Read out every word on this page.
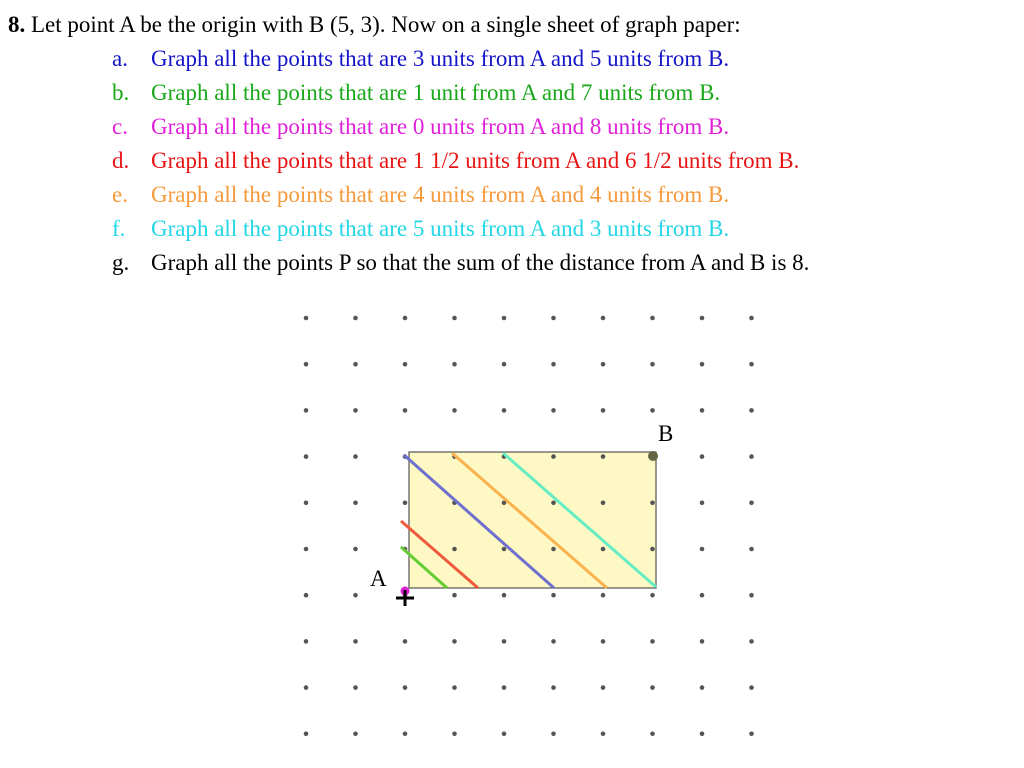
8. Let point A be the origin with B (5, 3). Now on a single sheet of graph paper:
a. Graph all the points that are 3 units from A and 5 units from B.
b. Graph all the points that are 1 unit from A and 7 units from B.
c. Graph all the points that are 0 units from A and 8 units from B.
d. Graph all the points that are 1 1/2 units from A and 6 1/2 units from B.
e. Graph all the points that are 4 units from A and 4 units from B.
f. Graph all the points that are 5 units from A and 3 units from B.
g. Graph all the points P so that the sum of the distance from A and B is 8.
B
A
